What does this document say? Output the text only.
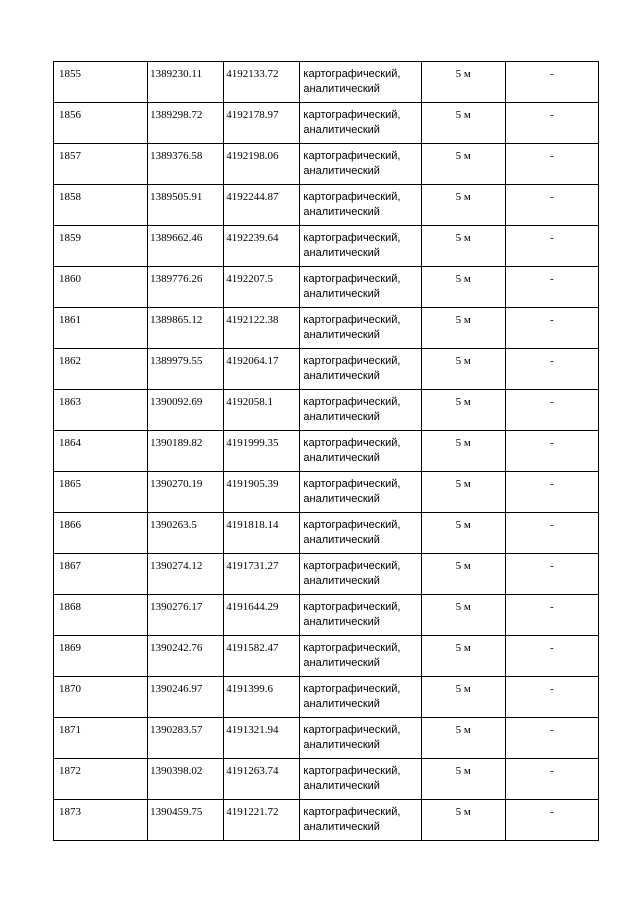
1855	1389230.11	4192133.72	картографический, аналитический	5 м	-

1856	1389298.72	4192178.97	картографический, аналитический	5 м	-

1857	1389376.58	4192198.06	картографический, аналитический	5 м	-

1858	1389505.91	4192244.87	картографический, аналитический	5 м	-

1859	1389662.46	4192239.64	картографический, аналитический	5 м	-

1860	1389776.26	4192207.5	картографический, аналитический	5 м	-

1861	1389865.12	4192122.38	картографический, аналитический	5 м	-

1862	1389979.55	4192064.17	картографический, аналитический	5 м	-

1863	1390092.69	4192058.1	картографический, аналитический	5 м	-

1864	1390189.82	4191999.35	картографический, аналитический	5 м	-

1865	1390270.19	4191905.39	картографический, аналитический	5 м	-

1866	1390263.5	4191818.14	картографический, аналитический	5 м	-

1867	1390274.12	4191731.27	картографический, аналитический	5 м	-

1868	1390276.17	4191644.29	картографический, аналитический	5 м	-

1869	1390242.76	4191582.47	картографический, аналитический	5 м	-

1870	1390246.97	4191399.6	картографический, аналитический	5 м	-

1871	1390283.57	4191321.94	картографический, аналитический	5 м	-

1872	1390398.02	4191263.74	картографический, аналитический	5 м	-

1873	1390459.75	4191221.72	картографический, аналитический	5 м	-
